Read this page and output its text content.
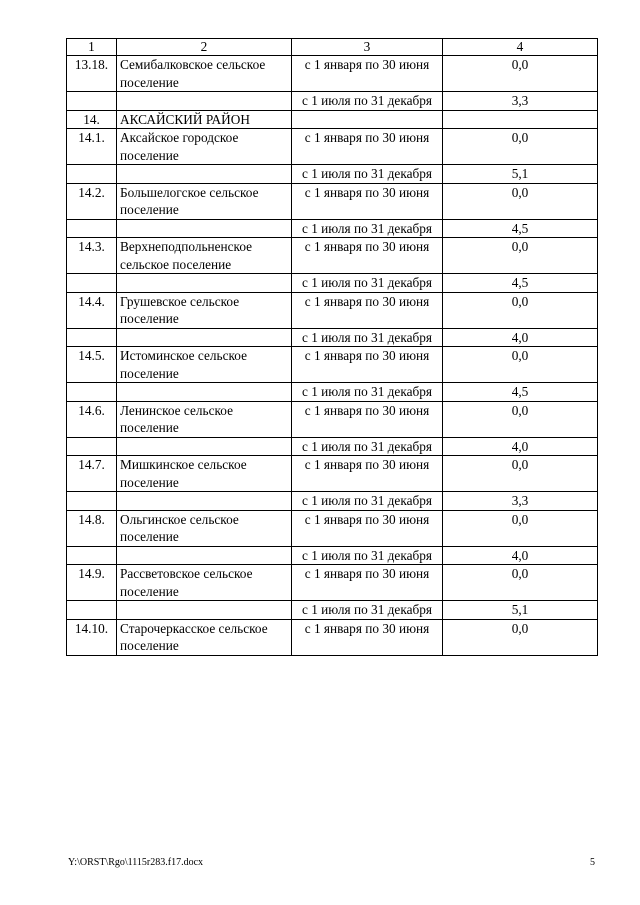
1	2	3	4
13.18.	Семибалковское сельское поселение	с 1 января по 30 июня	0,0
		с 1 июля по 31 декабря	3,3
14.	АКСАЙСКИЙ РАЙОН		
14.1.	Аксайское городское поселение	с 1 января по 30 июня	0,0
		с 1 июля по 31 декабря	5,1
14.2.	Большелогское сельское поселение	с 1 января по 30 июня	0,0
		с 1 июля по 31 декабря	4,5
14.3.	Верхнеподпольненское сельское поселение	с 1 января по 30 июня	0,0
		с 1 июля по 31 декабря	4,5
14.4.	Грушевское сельское поселение	с 1 января по 30 июня	0,0
		с 1 июля по 31 декабря	4,0
14.5.	Истоминское сельское поселение	с 1 января по 30 июня	0,0
		с 1 июля по 31 декабря	4,5
14.6.	Ленинское сельское поселение	с 1 января по 30 июня	0,0
		с 1 июля по 31 декабря	4,0
14.7.	Мишкинское сельское поселение	с 1 января по 30 июня	0,0
		с 1 июля по 31 декабря	3,3
14.8.	Ольгинское сельское поселение	с 1 января по 30 июня	0,0
		с 1 июля по 31 декабря	4,0
14.9.	Рассветовское сельское поселение	с 1 января по 30 июня	0,0
		с 1 июля по 31 декабря	5,1
14.10.	Старочеркасское сельское поселение	с 1 января по 30 июня	0,0
Y:\ORST\Rgo\1115r283.f17.docx	5
